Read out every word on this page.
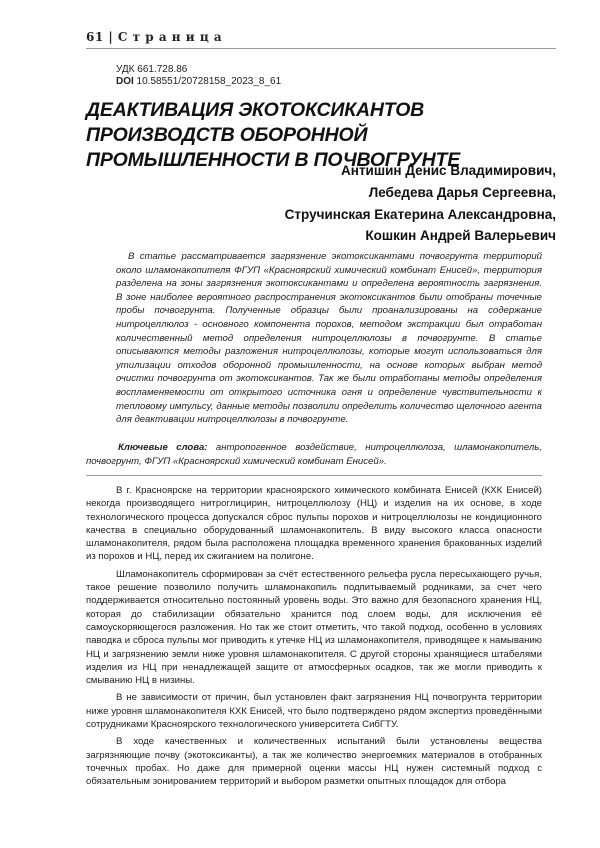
61 | С т р а н и ц а
УДК 661.728.86
DOI 10.58551/20728158_2023_8_61
ДЕАКТИВАЦИЯ ЭКОТОКСИКАНТОВ ПРОИЗВОДСТВ ОБОРОННОЙ ПРОМЫШЛЕННОСТИ В ПОЧВОГРУНТЕ
Антишин Денис Владимирович,
Лебедева Дарья Сергеевна,
Стручинская Екатерина Александровна,
Кошкин Андрей Валерьевич

В статье рассматривается загрязнение экотоксикантами почвогрунта территорий около шламонакопителя ФГУП «Красноярский химический комбинат Енисей», территория разделена на зоны загрязнения экотоксикантами и определена вероятность загрязнения. В зоне наиболее вероятного распространения экотоксикантов были отобраны точечные пробы почвогрунта. Полученные образцы были проанализированы на содержание нитроцеллюлоз - основного компонента порохов, методом экстракции был отработан количественный метод определения нитроцеллюлозы в почвогрунте. В статье описываются методы разложения нитроцеллюлозы, которые могут использоваться для утилизации отходов оборонной промышленности, на основе которых выбран метод очистки почвогрунта от экотоксикантов. Так же были отработаны методы определения воспламеняемости от открытого источника огня и определение чувствительности к тепловому импульсу, данные методы позволили определить количество щелочного агента для деактивации нитроцеллюлозы в почвогрунте.

Ключевые слова: антропогенное воздействие, нитроцеллюлоза, шламонакопитель, почвогрунт, ФГУП «Красноярский химический комбинат Енисей».

В г. Красноярске на территории красноярского химического комбината Енисей (КХК Енисей) некогда производящего нитроглицирин, нитроцеллюлозу (НЦ) и изделия на их основе, в ходе технологического процесса допускался сброс пульпы порохов и нитроцеллюлозы не кондиционного качества в специально оборудованный шламонакопитель. В виду высокого класса опасности шламонакопителя, рядом была расположена площадка временного хранения бракованных изделий из порохов и НЦ, перед их сжиганием на полигоне.

Шламонакопитель сформирован за счёт естественного рельефа русла пересыхающего ручья, такое решение позволило получить шламонакопиль подпитываемый родниками, за счет чего поддерживается относительно постоянный уровень воды. Это важно для безопасного хранения НЦ, которая до стабилизации обязательно хранится под слоем воды, для исключения её самоускоряющегося разложения. Но так же стоит отметить, что такой подход, особенно в условиях паводка и сброса пульпы мог приводить к утечке НЦ из шламонакопителя, приводящее к намыванию НЦ и загрязнению земли ниже уровня шламонакопителя. С другой стороны хранящиеся штабелями изделия из НЦ при ненадлежащей защите от атмосферных осадков, так же могли приводить к смыванию НЦ в низины.

В не зависимости от причин, был установлен факт загрязнения НЦ почвогрунта территории ниже уровня шламонакопителя КХК Енисей, что было подтверждено рядом экспертиз проведёнными сотрудниками Красноярского технологического университета СибГТУ.

В ходе качественных и количественных испытаний были установлены вещества загрязняющие почву (экотоксиканты), а так же количество энергоемких материалов в отобранных точечных пробах. Но даже для примерной оценки массы НЦ нужен системный подход с обязательным зонированием территорий и выбором разметки опытных площадок для отбора
